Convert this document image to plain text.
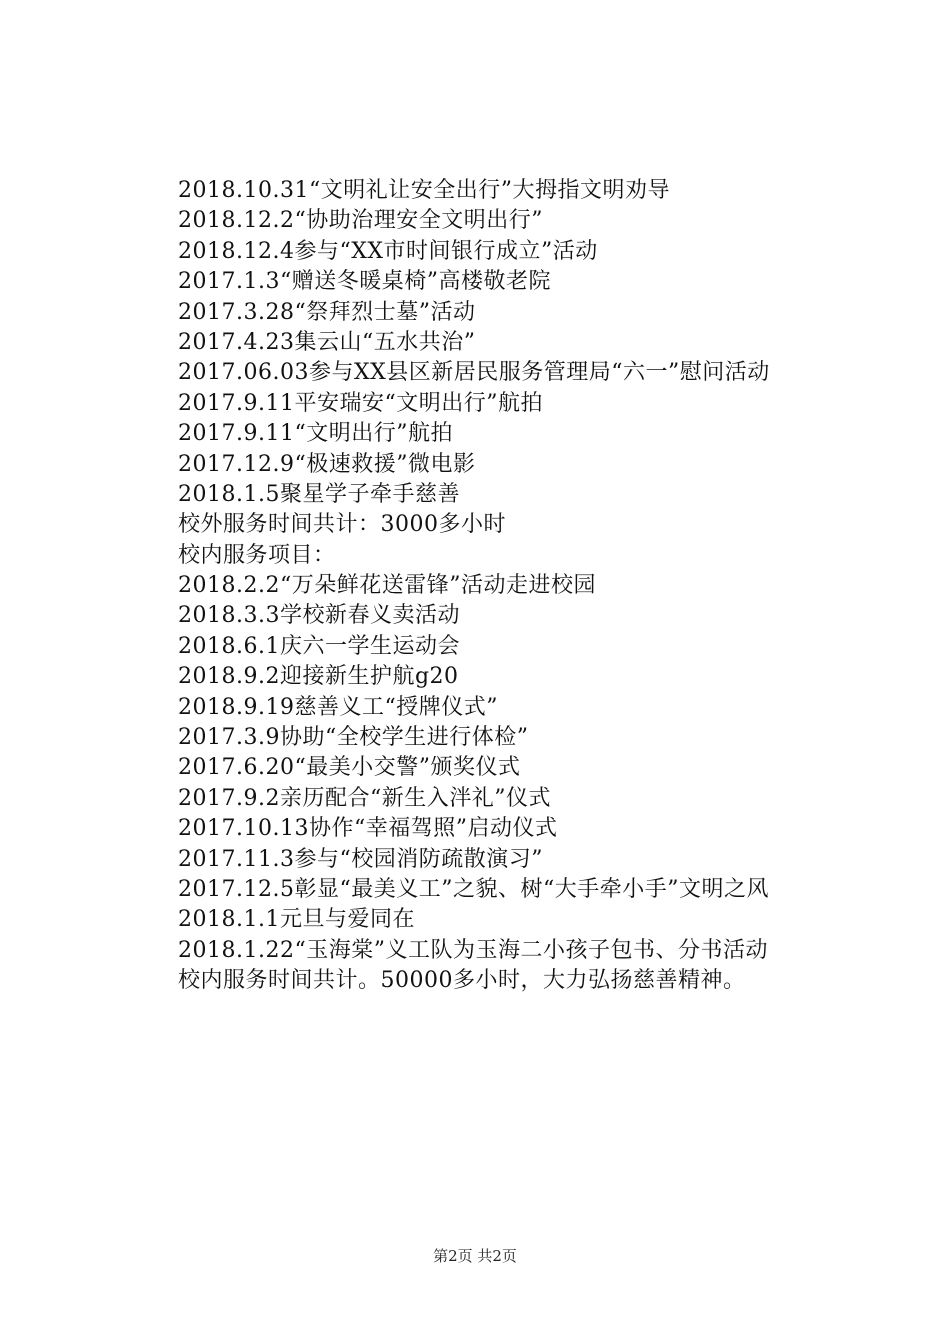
2018.10.31“文明礼让安全出行”大拇指文明劝导
2018.12.2“协助治理安全文明出行”
2018.12.4参与“XX市时间银行成立”活动
2017.1.3“赠送冬暖桌椅”高楼敬老院
2017.3.28“祭拜烈士墓”活动
2017.4.23集云山“五水共治”
2017.06.03参与XX县区新居民服务管理局“六一”慰问活动
2017.9.11平安瑞安“文明出行”航拍
2017.9.11“文明出行”航拍
2017.12.9“极速救援”微电影
2018.1.5聚星学子牵手慈善
校外服务时间共计：3000多小时
校内服务项目：
2018.2.2“万朵鲜花送雷锋”活动走进校园
2018.3.3学校新春义卖活动
2018.6.1庆六一学生运动会
2018.9.2迎接新生护航g20
2018.9.19慈善义工“授牌仪式”
2017.3.9协助“全校学生进行体检”
2017.6.20“最美小交警”颁奖仪式
2017.9.2亲历配合“新生入泮礼”仪式
2017.10.13协作“幸福驾照”启动仪式
2017.11.3参与“校园消防疏散演习”
2017.12.5彰显“最美义工”之貌、树“大手牵小手”文明之风
2018.1.1元旦与爱同在
2018.1.22“玉海棠”义工队为玉海二小孩子包书、分书活动
校内服务时间共计。50000多小时，大力弘扬慈善精神。
第2页 共2页
